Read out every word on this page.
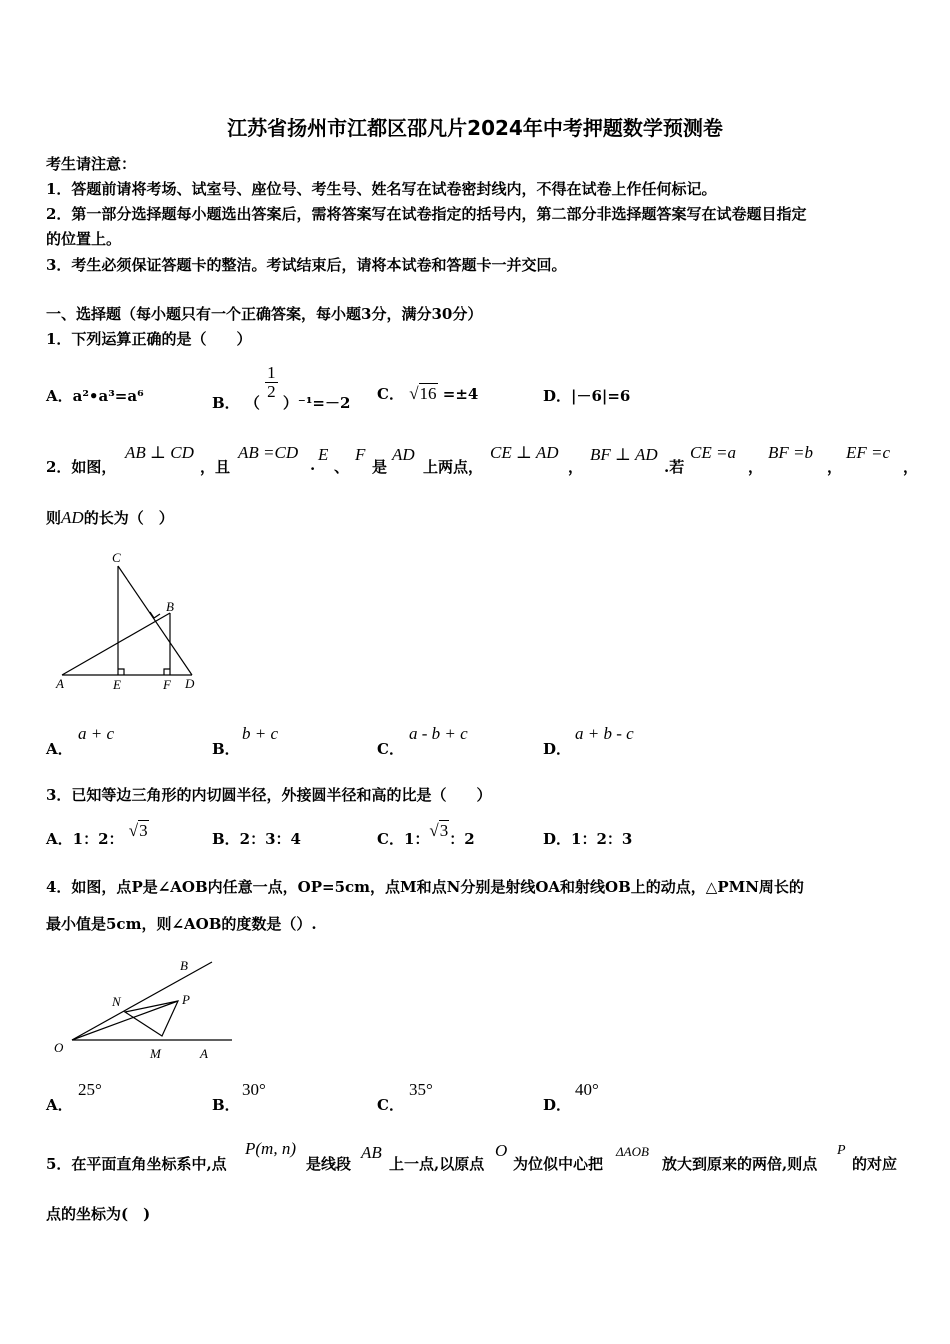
江苏省扬州市江都区邵凡片2024年中考押题数学预测卷
考生请注意：
1．答题前请将考场、试室号、座位号、考生号、姓名写在试卷密封线内，不得在试卷上作任何标记。
2．第一部分选择题每小题选出答案后，需将答案写在试卷指定的括号内，第二部分非选择题答案写在试卷题目指定
的位置上。
3．考生必须保证答题卡的整洁。考试结束后，请将本试卷和答题卡一并交回。
一、选择题（每小题只有一个正确答案，每小题3分，满分30分）
1．下列运算正确的是（　　）
A．a²•a³=a⁶	B． （
$\frac{1}{2}$
）⁻¹=－2 C． √16 =±4	D．|－6|=6
2．如图，
AB ⊥ CD
，且
AB =CD
.
E
、
F
是
AD
上两点，
CE ⊥ AD
，
BF ⊥ AD
.若
CE =a
，
BF =b
，
EF =c
，
则AD的长为（　）
C
B
A	E	F D
A．
a + c
B．
b + c
C．
a - b + c
D．
a + b - c
3．已知等边三角形的内切圆半径，外接圆半径和高的比是（　　）
A．1：2： √3	B．2：3：4	C．1：√3：2	D．1：2：3
4．如图，点P是∠AOB内任意一点，OP=5cm，点M和点N分别是射线OA和射线OB上的动点，△PMN周长的
最小值是5cm，则∠AOB的度数是（）.
B
N	P
O	M	A
A．
25°
B．
30°
C．
35°
D．
40°
5．在平面直角坐标系中,点
P(m, n)
是线段
AB
上一点,以原点
O
为位似中心把
ΔAOB
放大到原来的两倍,则点
P
的对应
点的坐标为(　)
